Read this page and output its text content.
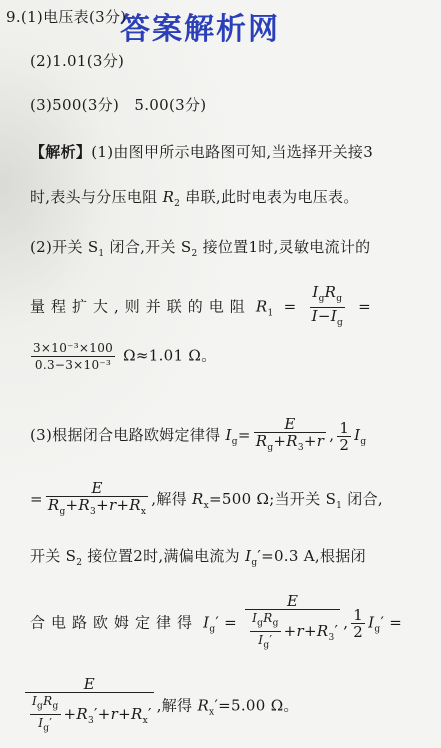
答案解析网
9.(1)电压表(3分)
(2)1.01(3分)
(3)500(3分) 5.00(3分)
【解析】(1)由图甲所示电路图可知,当选择开关接3
时,表头与分压电阻 $R_2$ 串联,此时电表为电压表。
(2)开关 $S_1$ 闭合,开关 $S_2$ 接位置1时,灵敏电流计的
量程扩大,则并联的电阻 $R_1 = \frac{I_gR_g}{I-I_g}$ =
$\frac{\text{3×10⁻³×100}}{\text{0.3−3×10⁻³}} \Omega\approx 1.01$ Ω。
(3)根据闭合电路欧姆定律得 $I_g= \frac{E}{R_g+R_3+r}$ , $\frac{1}{2} I_g$
= $\frac{E}{R_g+R_3+r+R_x}$ ,解得 $R_x=500$ Ω;当开关 $S_1$ 闭合,
开关 $S_2$ 接位置2时,满偏电流为 $I_g'=0.3$ A,根据闭
合电路欧姆定律得 $I_g' = \frac{E}{\frac{I_gR_g}{I_g'} +r+R_3'}$ , $\frac{1}{2} I_g'$ =
$\frac{E}{\frac{I_gR_g}{I_g'} +R_3'+r+R_x'}$ ,解得 $R_x'=5.00$ Ω。
